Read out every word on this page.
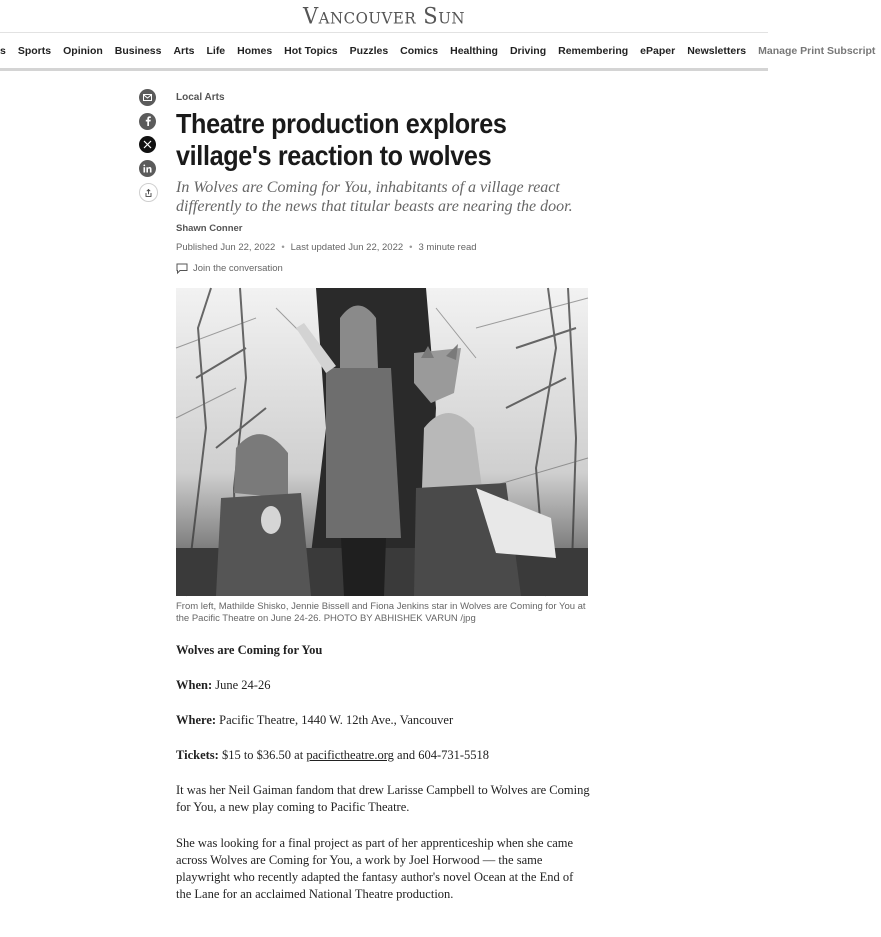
Vancouver Sun
s	Sports	Opinion	Business	Arts	Life	Homes	Hot Topics	Puzzles	Comics	Healthing	Driving	Remembering	ePaper	Newsletters	Manage Print Subscript
Local Arts
Theatre production explores village's reaction to wolves

In Wolves are Coming for You, inhabitants of a village react differently to the news that titular beasts are nearing the door.

Shawn Conner
Published Jun 22, 2022 • Last updated Jun 22, 2022 • 3 minute read
Join the conversation

From left, Mathilde Shisko, Jennie Bissell and Fiona Jenkins star in Wolves are Coming for You at the Pacific Theatre on June 24-26. PHOTO BY ABHISHEK VARUN /jpg

Wolves are Coming for You

When: June 24-26

Where: Pacific Theatre, 1440 W. 12th Ave., Vancouver

Tickets: $15 to $36.50 at pacifictheatre.org and 604-731-5518

It was her Neil Gaiman fandom that drew Larisse Campbell to Wolves are Coming for You, a new play coming to Pacific Theatre.

She was looking for a final project as part of her apprenticeship when she came across Wolves are Coming for You, a work by Joel Horwood — the same playwright who recently adapted the fantasy author's novel Ocean at the End of the Lane for an acclaimed National Theatre production.
